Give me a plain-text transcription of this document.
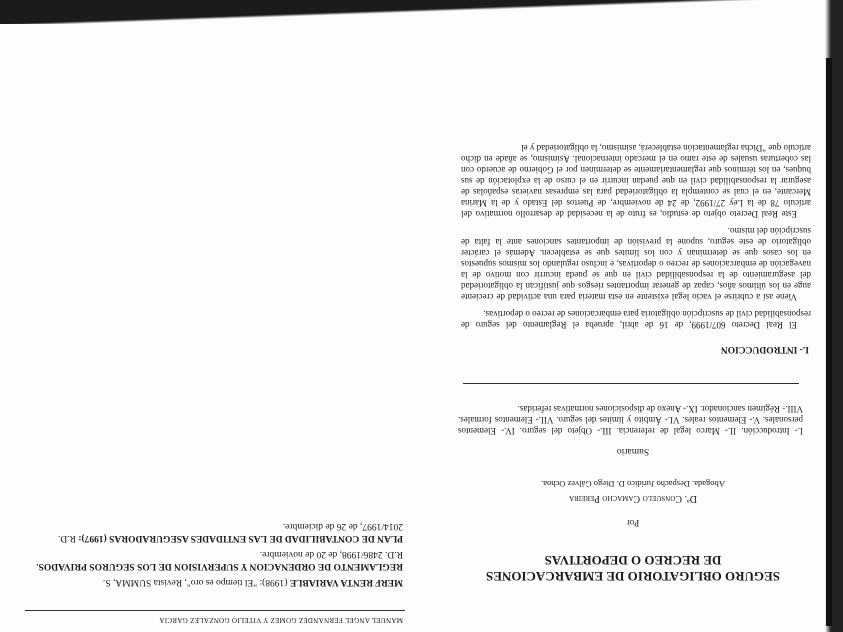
MANUEL ANGEL FERNANDEZ GOMEZ Y VITELIO GONZALEZ GARCIA

MERF RENTA VARIABLE (1998): "El tiempo es oro", Revista SUMMA, S.

REGLAMENTO DE ORDENACION Y SUPERVISION DE LOS SEGUROS PRIVADOS. R.D. 2486/1998, de 20 de noviembre.

PLAN DE CONTABILIDAD DE LAS ENTIDADES ASEGURADORAS (1997): R.D. 2014/1997, de 26 de diciembre.

SEGURO OBLIGATORIO DE EMBARCACIONES
DE RECREO O DEPORTIVAS
Por
Dª. Consuelo Camacho Pereira
Abogada. Despacho Jurídico D. Diego Gálvez Ochoa.
Sumario
I.- Introducción. II.- Marco legal de referencia. III.- Objeto del seguro. IV.- Elementos personales. V.- Elementos reales. VI.- Ámbito y límites del seguro. VII.- Elementos formales. VIII.- Régimen sancionador. IX.- Anexo de disposiciones normativas referidas.
I.- INTRODUCCION

El Real Decreto 607/1999, de 16 de abril, aprueba el Reglamento del seguro de responsabilidad civil de suscripción obligatoria para embarcaciones de recreo o deportivas.

Viene así a cubrirse el vacío legal existente en esta materia para una actividad de creciente auge en los últimos años, capaz de generar importantes riesgos que justifican la obligatoriedad del aseguramiento de la responsabilidad civil en que se pueda incurrir con motivo de la navegación de embarcaciones de recreo o deportivas, e incluso regulando los mismos supuestos en los casos que se determinan y con los límites que se establecen. Además el carácter obligatorio de este seguro, supone la previsión de importantes sanciones ante la falta de suscripción del mismo.

Este Real Decreto objeto de estudio, es fruto de la necesidad de desarrollo normativo del artículo 78 de la Ley 27/1992, de 24 de noviembre, de Puertos del Estado y de la Marina Mercante, en el cual se contempla la obligatoriedad para las empresas navieras españolas de asegurar la responsabilidad civil en que puedan incurrir en el curso de la explotación de sus buques, en los términos que reglamentariamente se determinen por el Gobierno de acuerdo con las coberturas usuales de este ramo en el mercado internacional. Asimismo, se añade en dicho artículo que "Dicha reglamentación establecerá, asimismo, la obligatoriedad y el
